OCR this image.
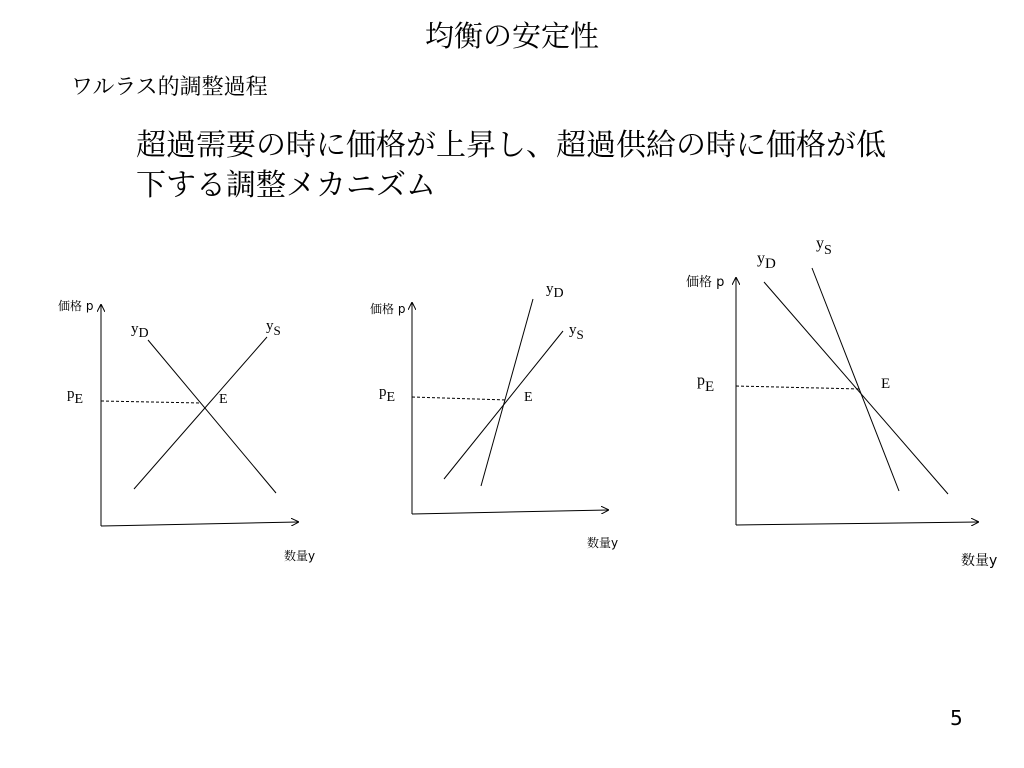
均衡の安定性
ワルラス的調整過程
超過需要の時に価格が上昇し、超過供給の時に価格が低
下する調整メカニズム
価格 p
数量y
yD	yS
pE	E
価格 p
数量y
yD
yS
pE	E
価格 p
数量y
yD
yS
pE	E
5
